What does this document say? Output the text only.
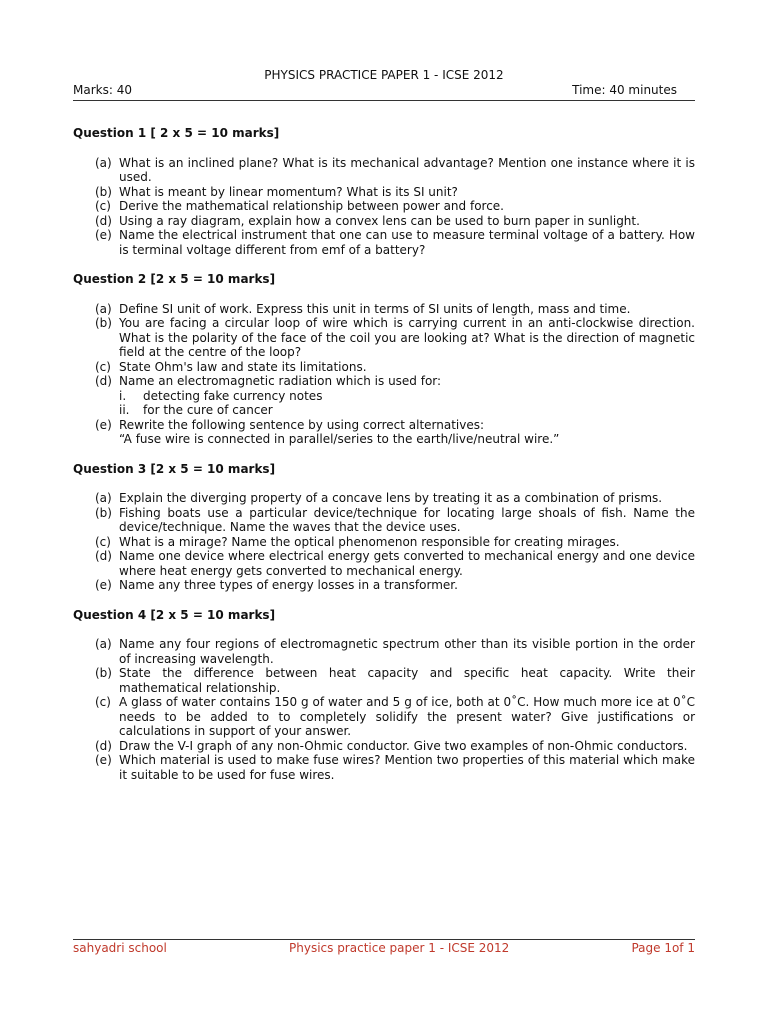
PHYSICS PRACTICE PAPER 1 - ICSE 2012
Marks: 40	Time: 40 minutes
Question 1 [ 2 x 5 = 10 marks]
(a) What is an inclined plane? What is its mechanical advantage? Mention one instance where it is used.
(b) What is meant by linear momentum? What is its SI unit?
(c) Derive the mathematical relationship between power and force.
(d) Using a ray diagram, explain how a convex lens can be used to burn paper in sunlight.
(e) Name the electrical instrument that one can use to measure terminal voltage of a battery. How is terminal voltage different from emf of a battery?
Question 2 [2 x 5 = 10 marks]
(a) Define SI unit of work. Express this unit in terms of SI units of length, mass and time.
(b) You are facing a circular loop of wire which is carrying current in an anti-clockwise direction. What is the polarity of the face of the coil you are looking at? What is the direction of magnetic field at the centre of the loop?
(c) State Ohm's law and state its limitations.
(d) Name an electromagnetic radiation which is used for:
i.	detecting fake currency notes
ii.	for the cure of cancer
(e) Rewrite the following sentence by using correct alternatives:
“A fuse wire is connected in parallel/series to the earth/live/neutral wire.”
Question 3 [2 x 5 = 10 marks]
(a) Explain the diverging property of a concave lens by treating it as a combination of prisms.
(b) Fishing boats use a particular device/technique for locating large shoals of fish. Name the device/technique. Name the waves that the device uses.
(c) What is a mirage? Name the optical phenomenon responsible for creating mirages.
(d) Name one device where electrical energy gets converted to mechanical energy and one device where heat energy gets converted to mechanical energy.
(e) Name any three types of energy losses in a transformer.
Question 4 [2 x 5 = 10 marks]
(a) Name any four regions of electromagnetic spectrum other than its visible portion in the order of increasing wavelength.
(b) State the difference between heat capacity and specific heat capacity. Write their mathematical relationship.
(c) A glass of water contains 150 g of water and 5 g of ice, both at 0˚C. How much more ice at 0˚C needs to be added to to completely solidify the present water? Give justifications or calculations in support of your answer.
(d) Draw the V-I graph of any non-Ohmic conductor. Give two examples of non-Ohmic conductors.
(e) Which material is used to make fuse wires? Mention two properties of this material which make it suitable to be used for fuse wires.
sahyadri school	Physics practice paper 1 - ICSE 2012	Page 1of 1
